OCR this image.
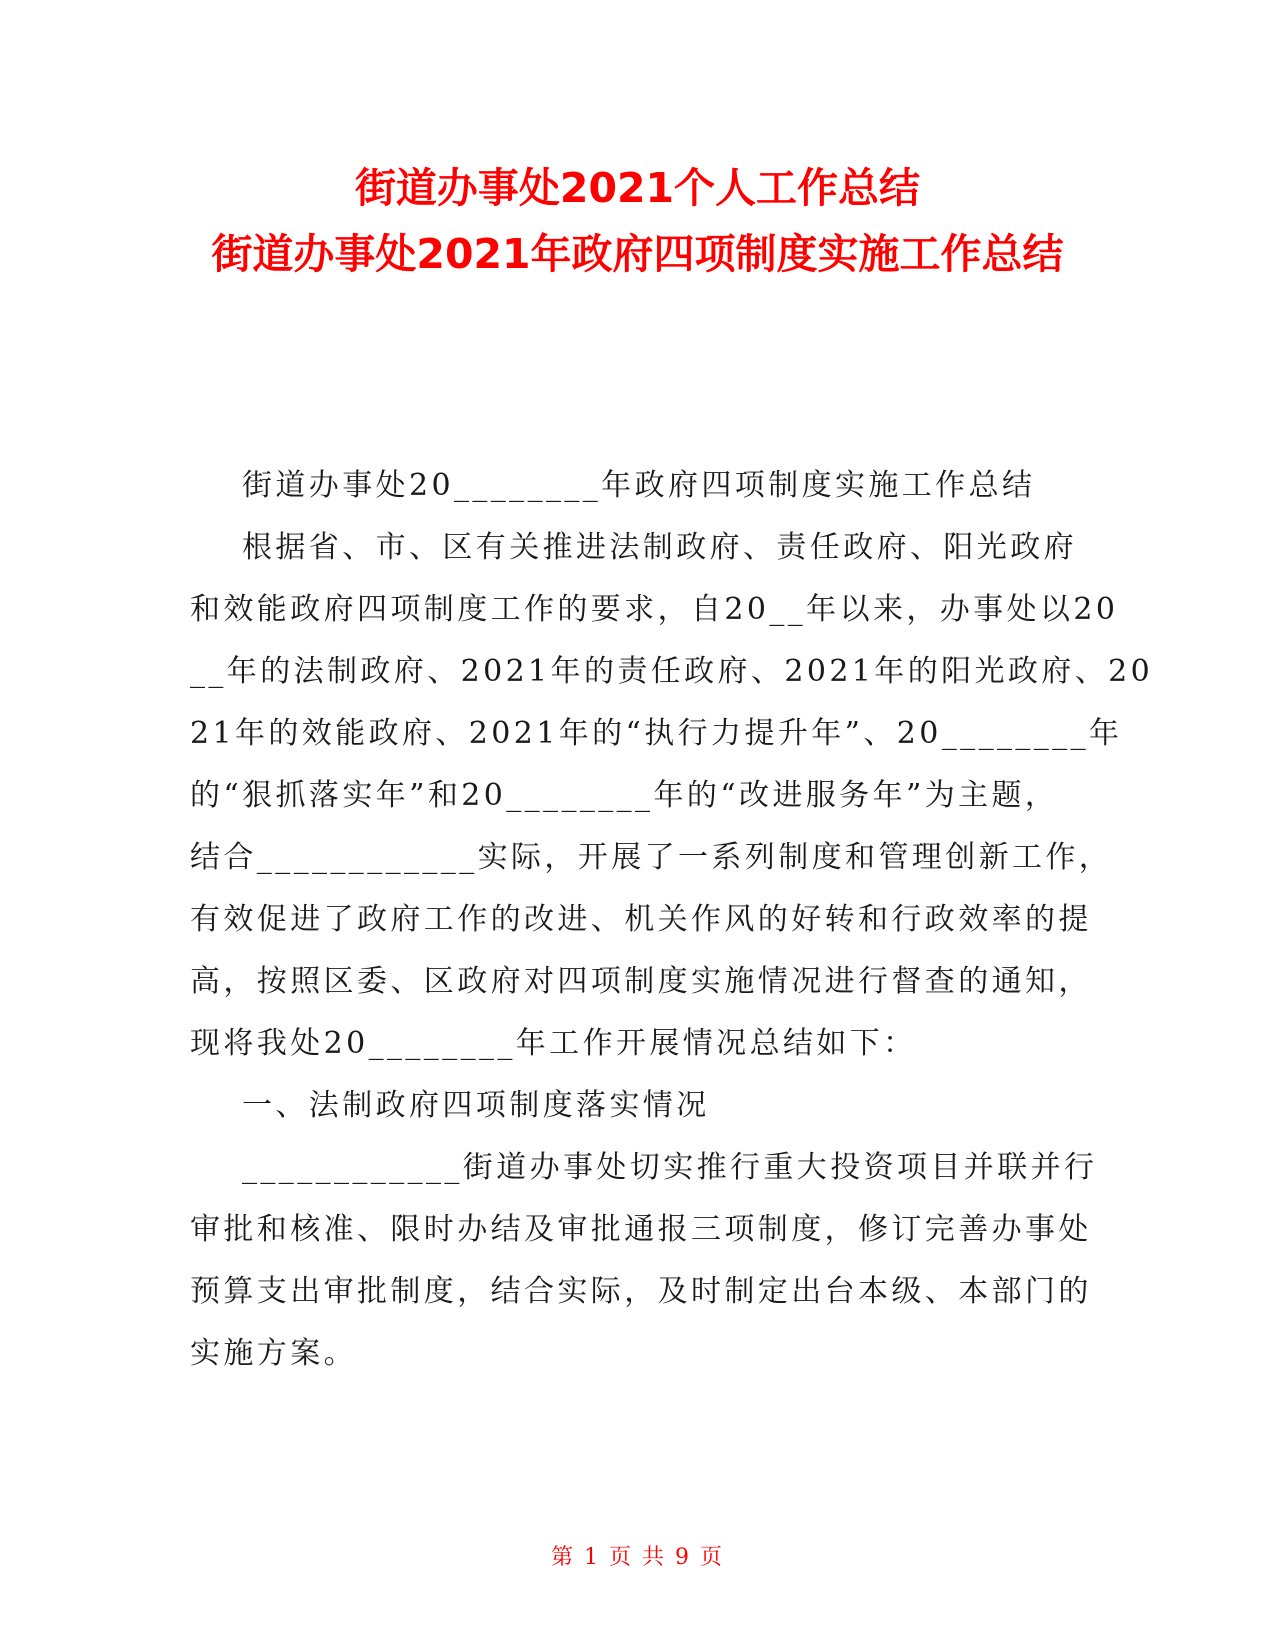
街道办事处2021个人工作总结
街道办事处2021年政府四项制度实施工作总结
街道办事处20________年政府四项制度实施工作总结
根据省、市、区有关推进法制政府、责任政府、阳光政府
和效能政府四项制度工作的要求，自20__年以来，办事处以20
__年的法制政府、2021年的责任政府、2021年的阳光政府、20
21年的效能政府、2021年的“执行力提升年”、20________年
的“狠抓落实年”和20________年的“改进服务年”为主题，
结合____________实际，开展了一系列制度和管理创新工作，
有效促进了政府工作的改进、机关作风的好转和行政效率的提
高，按照区委、区政府对四项制度实施情况进行督查的通知，
现将我处20________年工作开展情况总结如下：
一、法制政府四项制度落实情况
____________街道办事处切实推行重大投资项目并联并行
审批和核准、限时办结及审批通报三项制度，修订完善办事处
预算支出审批制度，结合实际，及时制定出台本级、本部门的
实施方案。
第 1 页 共 9 页
